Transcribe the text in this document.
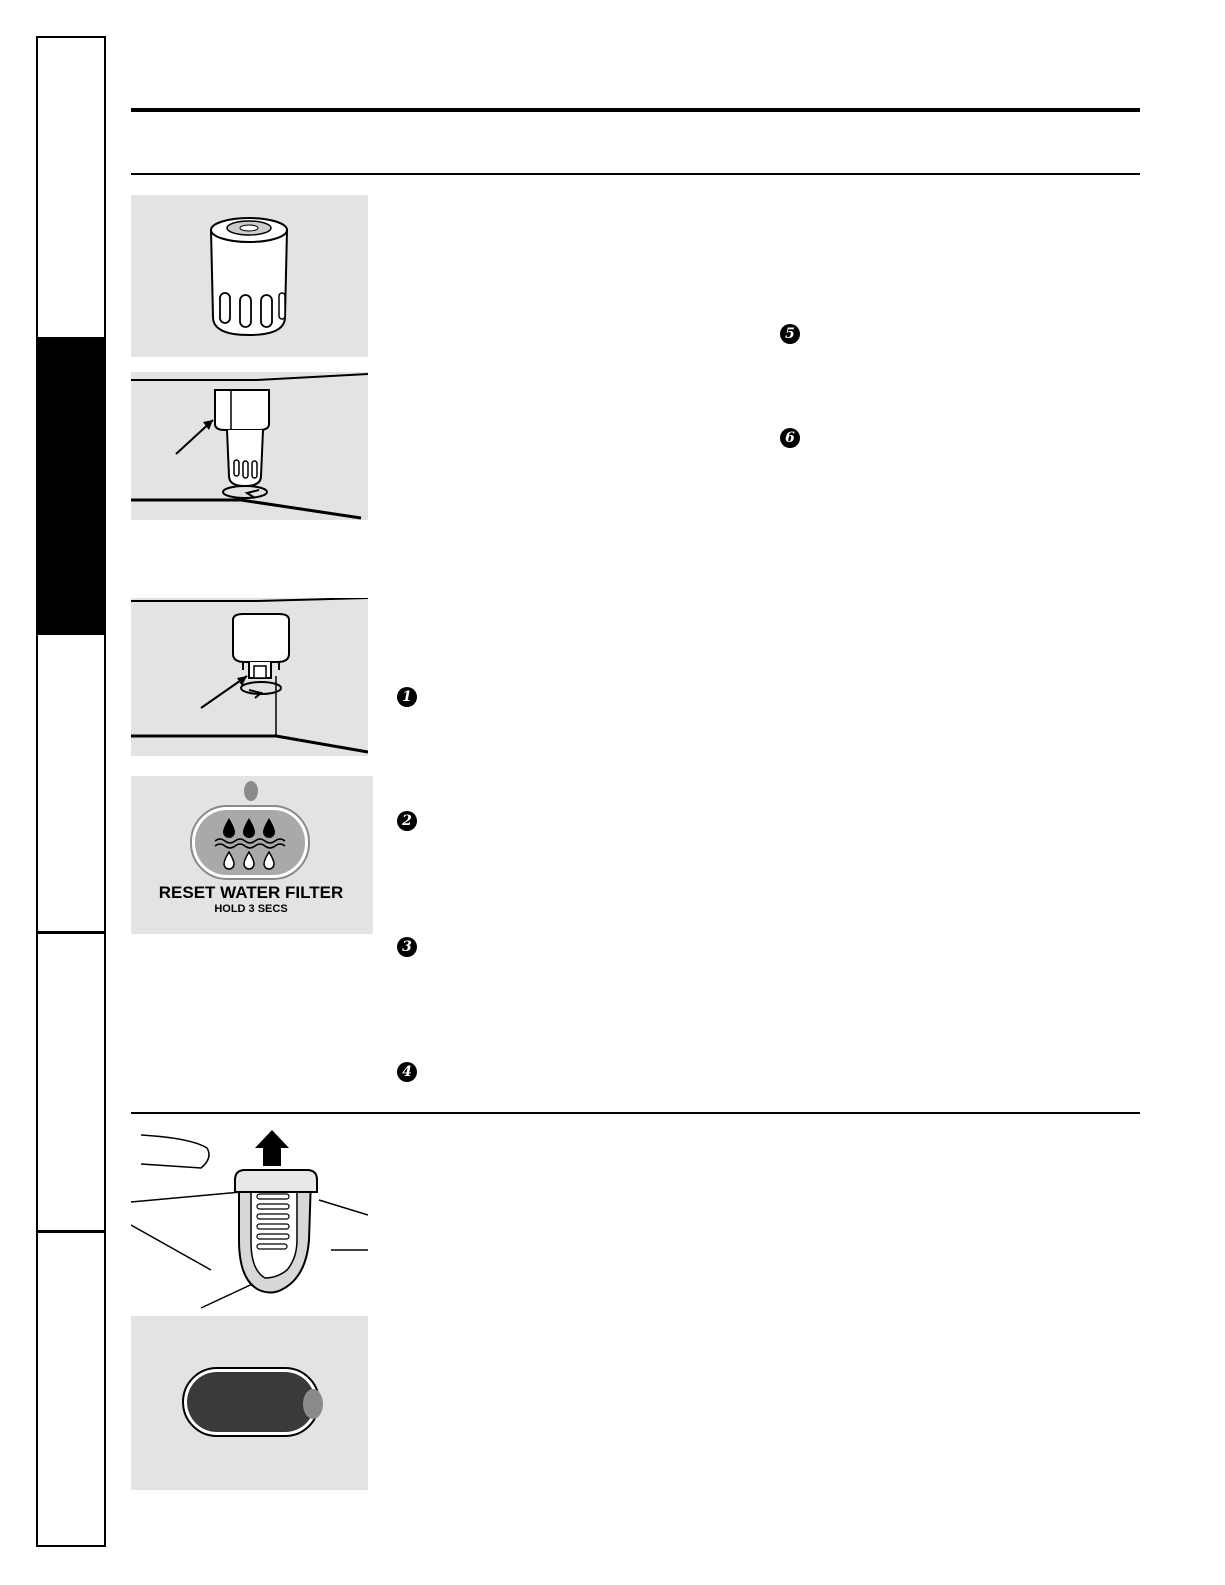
RESET WATER FILTER
HOLD 3 SECS
1
2
3
4
5
6
